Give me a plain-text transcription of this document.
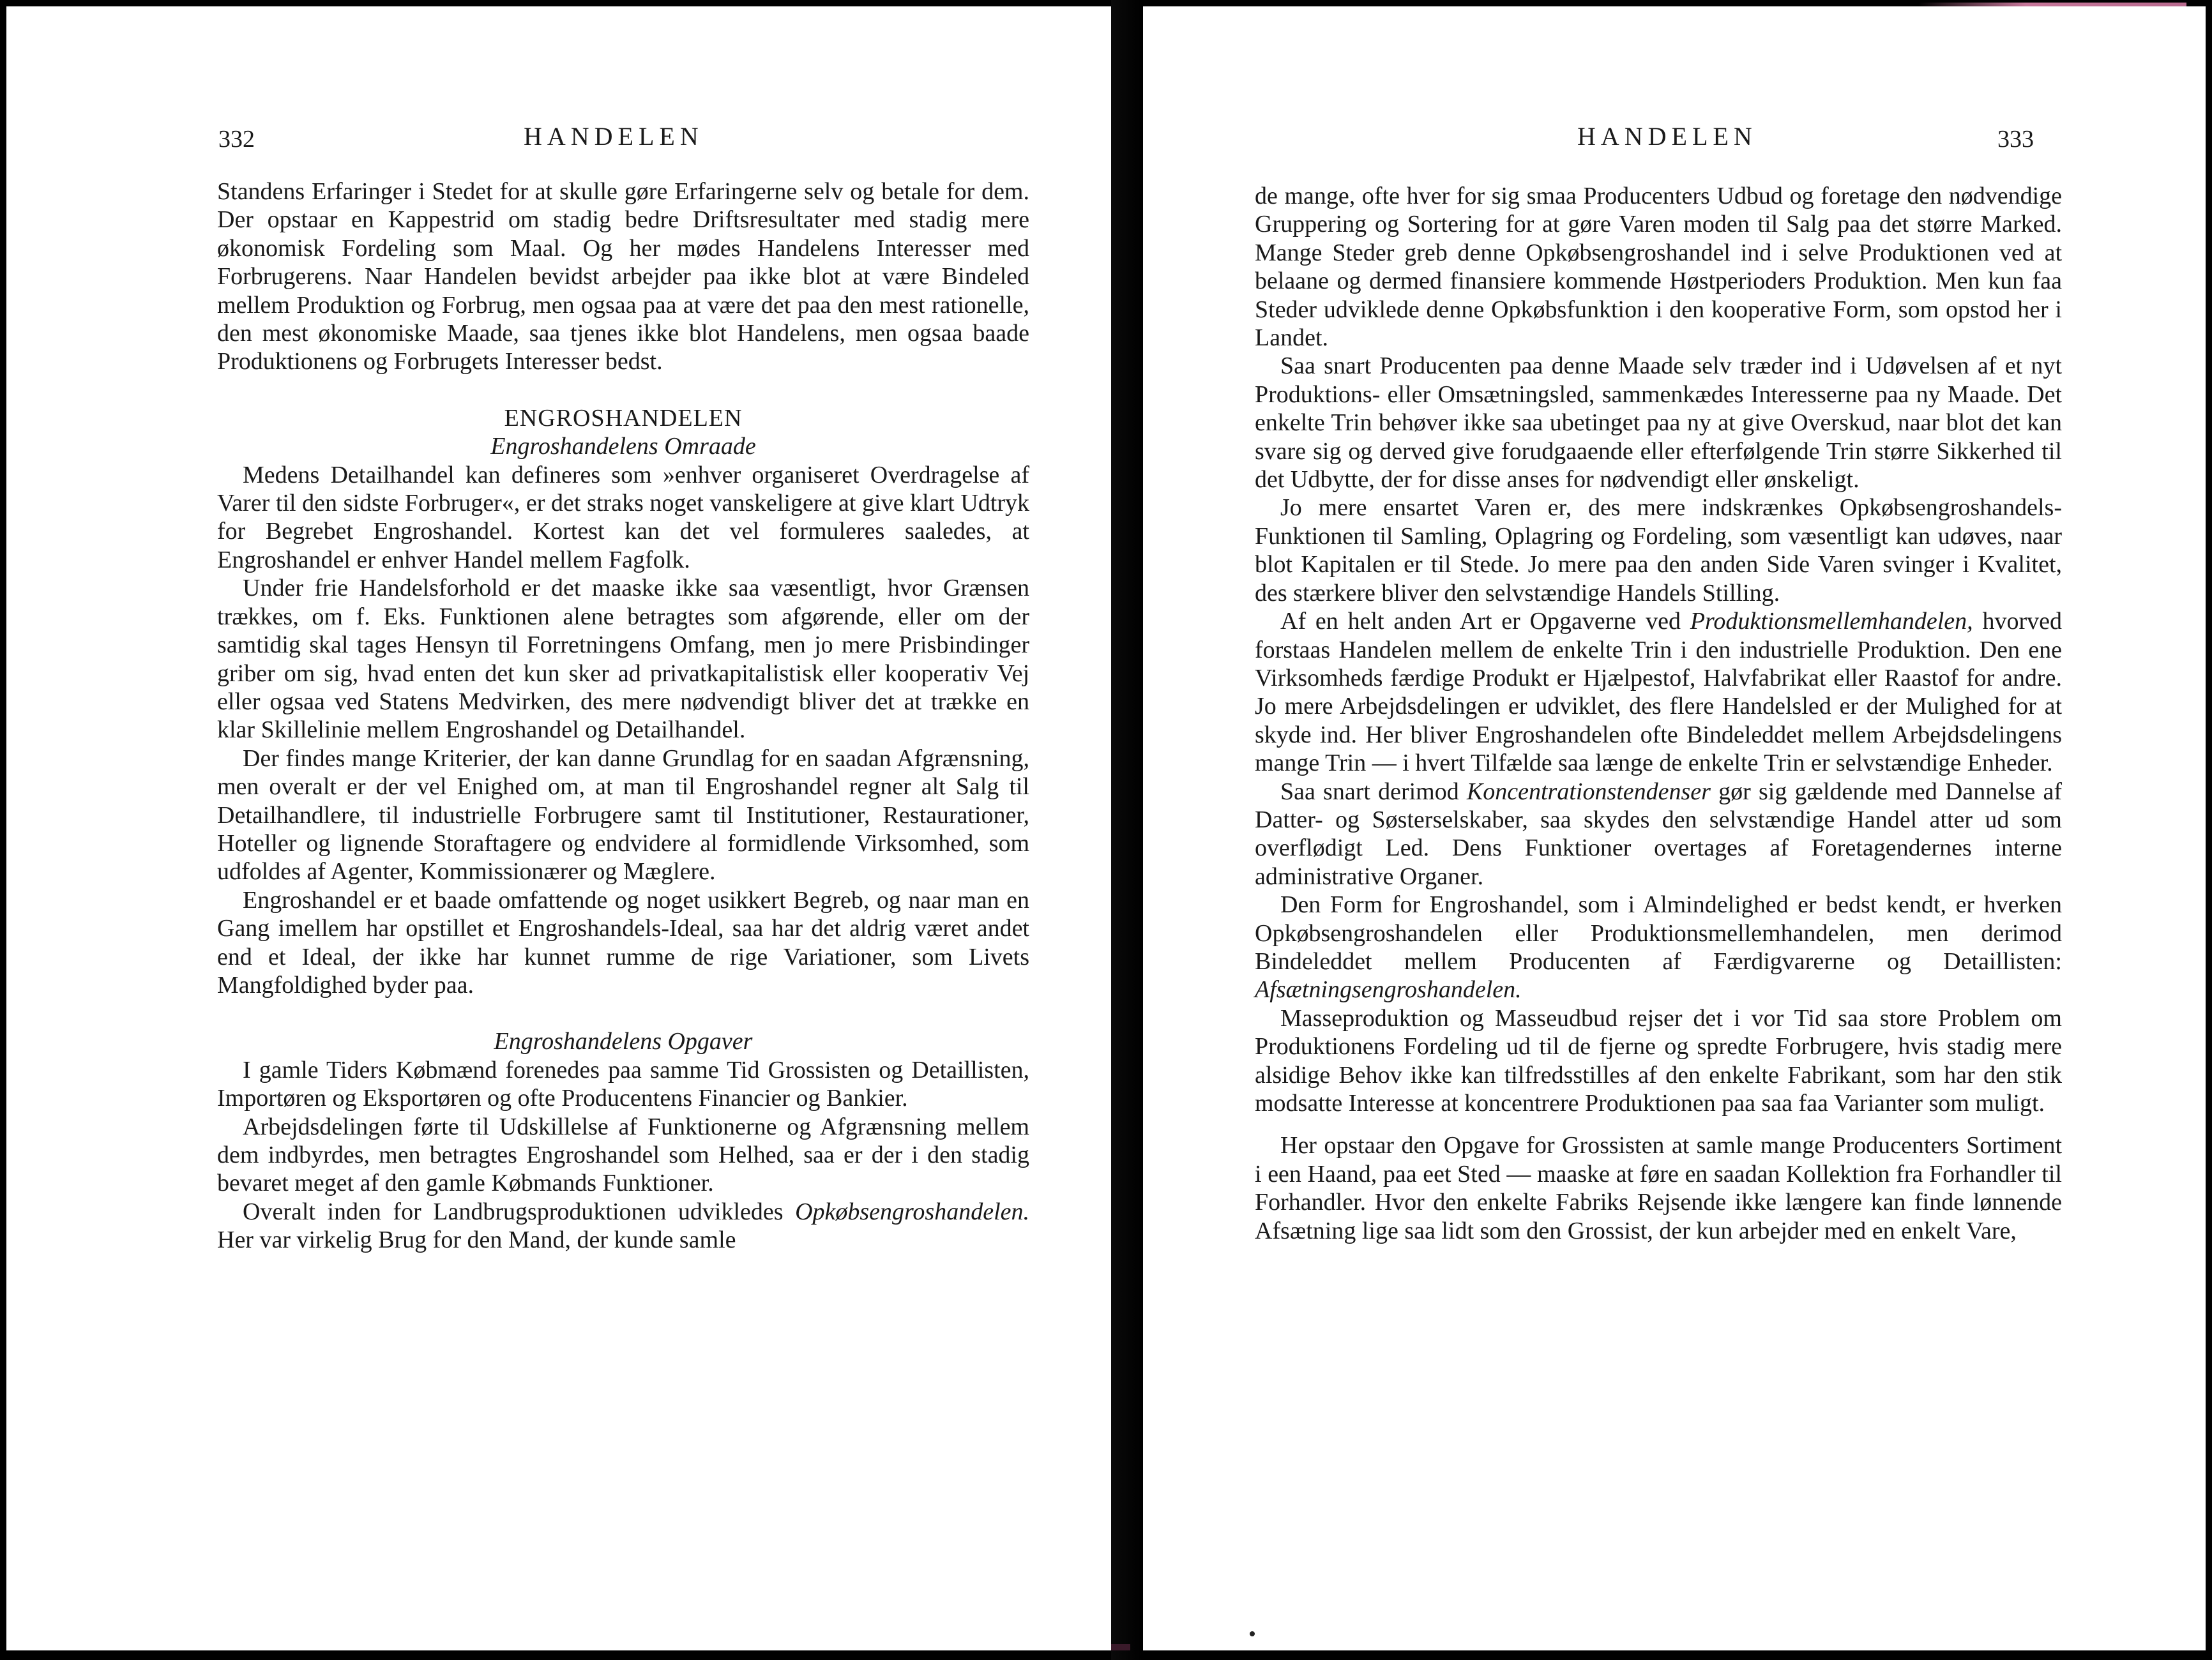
332	HANDELEN

Standens Erfaringer i Stedet for at skulle gøre Erfaringerne selv og betale for dem. Der opstaar en Kappestrid om stadig bedre Driftsresultater med stadig mere økonomisk Fordeling som Maal. Og her mødes Handelens Interesser med Forbrugerens. Naar Handelen bevidst arbejder paa ikke blot at være Bindeled mellem Produktion og Forbrug, men ogsaa paa at være det paa den mest rationelle, den mest økonomiske Maade, saa tjenes ikke blot Handelens, men ogsaa baade Produktionens og Forbrugets Interesser bedst.

ENGROSHANDELEN
Engroshandelens Omraade

Medens Detailhandel kan defineres som »enhver organiseret Overdragelse af Varer til den sidste Forbruger«, er det straks noget vanskeligere at give klart Udtryk for Begrebet Engroshandel. Kortest kan det vel formuleres saaledes, at Engroshandel er enhver Handel mellem Fagfolk.

Under frie Handelsforhold er det maaske ikke saa væsentligt, hvor Grænsen trækkes, om f. Eks. Funktionen alene betragtes som afgørende, eller om der samtidig skal tages Hensyn til Forretningens Omfang, men jo mere Prisbindinger griber om sig, hvad enten det kun sker ad privatkapitalistisk eller kooperativ Vej eller ogsaa ved Statens Medvirken, des mere nødvendigt bliver det at trække en klar Skillelinie mellem Engroshandel og Detailhandel.

Der findes mange Kriterier, der kan danne Grundlag for en saadan Afgrænsning, men overalt er der vel Enighed om, at man til Engroshandel regner alt Salg til Detailhandlere, til industrielle Forbrugere samt til Institutioner, Restaurationer, Hoteller og lignende Storaftagere og endvidere al formidlende Virksomhed, som udfoldes af Agenter, Kommissionærer og Mæglere.

Engroshandel er et baade omfattende og noget usikkert Begreb, og naar man en Gang imellem har opstillet et Engroshandels-Ideal, saa har det aldrig været andet end et Ideal, der ikke har kunnet rumme de rige Variationer, som Livets Mangfoldighed byder paa.

Engroshandelens Opgaver

I gamle Tiders Købmænd forenedes paa samme Tid Grossisten og Detaillisten, Importøren og Eksportøren og ofte Producentens Financier og Bankier.

Arbejdsdelingen førte til Udskillelse af Funktionerne og Afgrænsning mellem dem indbyrdes, men betragtes Engroshandel som Helhed, saa er der i den stadig bevaret meget af den gamle Købmands Funktioner.

Overalt inden for Landbrugsproduktionen udvikledes Opkøbsengroshandelen. Her var virkelig Brug for den Mand, der kunde samle

HANDELEN	333

de mange, ofte hver for sig smaa Producenters Udbud og foretage den nødvendige Gruppering og Sortering for at gøre Varen moden til Salg paa det større Marked. Mange Steder greb denne Opkøbsengroshandel ind i selve Produktionen ved at belaane og dermed finansiere kommende Høstperioders Produktion. Men kun faa Steder udviklede denne Opkøbsfunktion i den kooperative Form, som opstod her i Landet.

Saa snart Producenten paa denne Maade selv træder ind i Udøvelsen af et nyt Produktions- eller Omsætningsled, sammenkædes Interesserne paa ny Maade. Det enkelte Trin behøver ikke saa ubetinget paa ny at give Overskud, naar blot det kan svare sig og derved give forudgaaende eller efterfølgende Trin større Sikkerhed til det Udbytte, der for disse anses for nødvendigt eller ønskeligt.

Jo mere ensartet Varen er, des mere indskrænkes Opkøbsengroshandels-Funktionen til Samling, Oplagring og Fordeling, som væsentligt kan udøves, naar blot Kapitalen er til Stede. Jo mere paa den anden Side Varen svinger i Kvalitet, des stærkere bliver den selvstændige Handels Stilling.

Af en helt anden Art er Opgaverne ved Produktionsmellemhandelen, hvorved forstaas Handelen mellem de enkelte Trin i den industrielle Produktion. Den ene Virksomheds færdige Produkt er Hjælpestof, Halvfabrikat eller Raastof for andre. Jo mere Arbejdsdelingen er udviklet, des flere Handelsled er der Mulighed for at skyde ind. Her bliver Engroshandelen ofte Bindeleddet mellem Arbejdsdelingens mange Trin — i hvert Tilfælde saa længe de enkelte Trin er selvstændige Enheder.

Saa snart derimod Koncentrationstendenser gør sig gældende med Dannelse af Datter- og Søsterselskaber, saa skydes den selvstændige Handel atter ud som overflødigt Led. Dens Funktioner overtages af Foretagendernes interne administrative Organer.

Den Form for Engroshandel, som i Almindelighed er bedst kendt, er hverken Opkøbsengroshandelen eller Produktionsmellemhandelen, men derimod Bindeleddet mellem Producenten af Færdigvarerne og Detaillisten: Afsætningsengroshandelen.

Masseproduktion og Masseudbud rejser det i vor Tid saa store Problem om Produktionens Fordeling ud til de fjerne og spredte Forbrugere, hvis stadig mere alsidige Behov ikke kan tilfredsstilles af den enkelte Fabrikant, som har den stik modsatte Interesse at koncentrere Produktionen paa saa faa Varianter som muligt.

Her opstaar den Opgave for Grossisten at samle mange Producenters Sortiment i een Haand, paa eet Sted — maaske at føre en saadan Kollektion fra Forhandler til Forhandler. Hvor den enkelte Fabriks Rejsende ikke længere kan finde lønnende Afsætning lige saa lidt som den Grossist, der kun arbejder med en enkelt Vare,
